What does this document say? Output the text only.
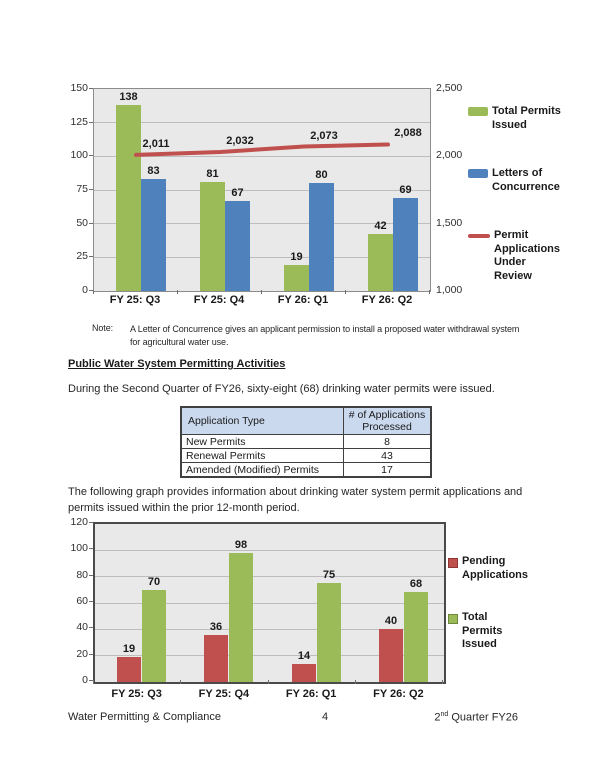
150
125
100
75
50
25
0
138
83	81
67
19
80
42
69
2,011	2,032	2,073	2,088
FY 25: Q3	FY 25: Q4	FY 26: Q1	FY 26: Q2
2,500
2,000
1,500
1,000
Total Permits
Issued
Letters of
Concurrence
Permit
Applications
Under
Review
Note:	A Letter of Concurrence gives an applicant permission to install a proposed water withdrawal system
for agricultural water use.
Public Water System Permitting Activities
During the Second Quarter of FY26, sixty-eight (68) drinking water permits were issued.
Application Type	# of Applications Processed
New Permits	8
Renewal Permits	43
Amended (Modified) Permits	17
The following graph provides information about drinking water system permit applications and permits issued within the prior 12-month period.
120
100
80
60
40
20
0
19
70
36
98
14
75
40
68
FY 25: Q3	FY 25: Q4	FY 26: Q1	FY 26: Q2
Pending
Applications
Total
Permits
Issued
Water Permitting & Compliance	4	2nd Quarter FY26
